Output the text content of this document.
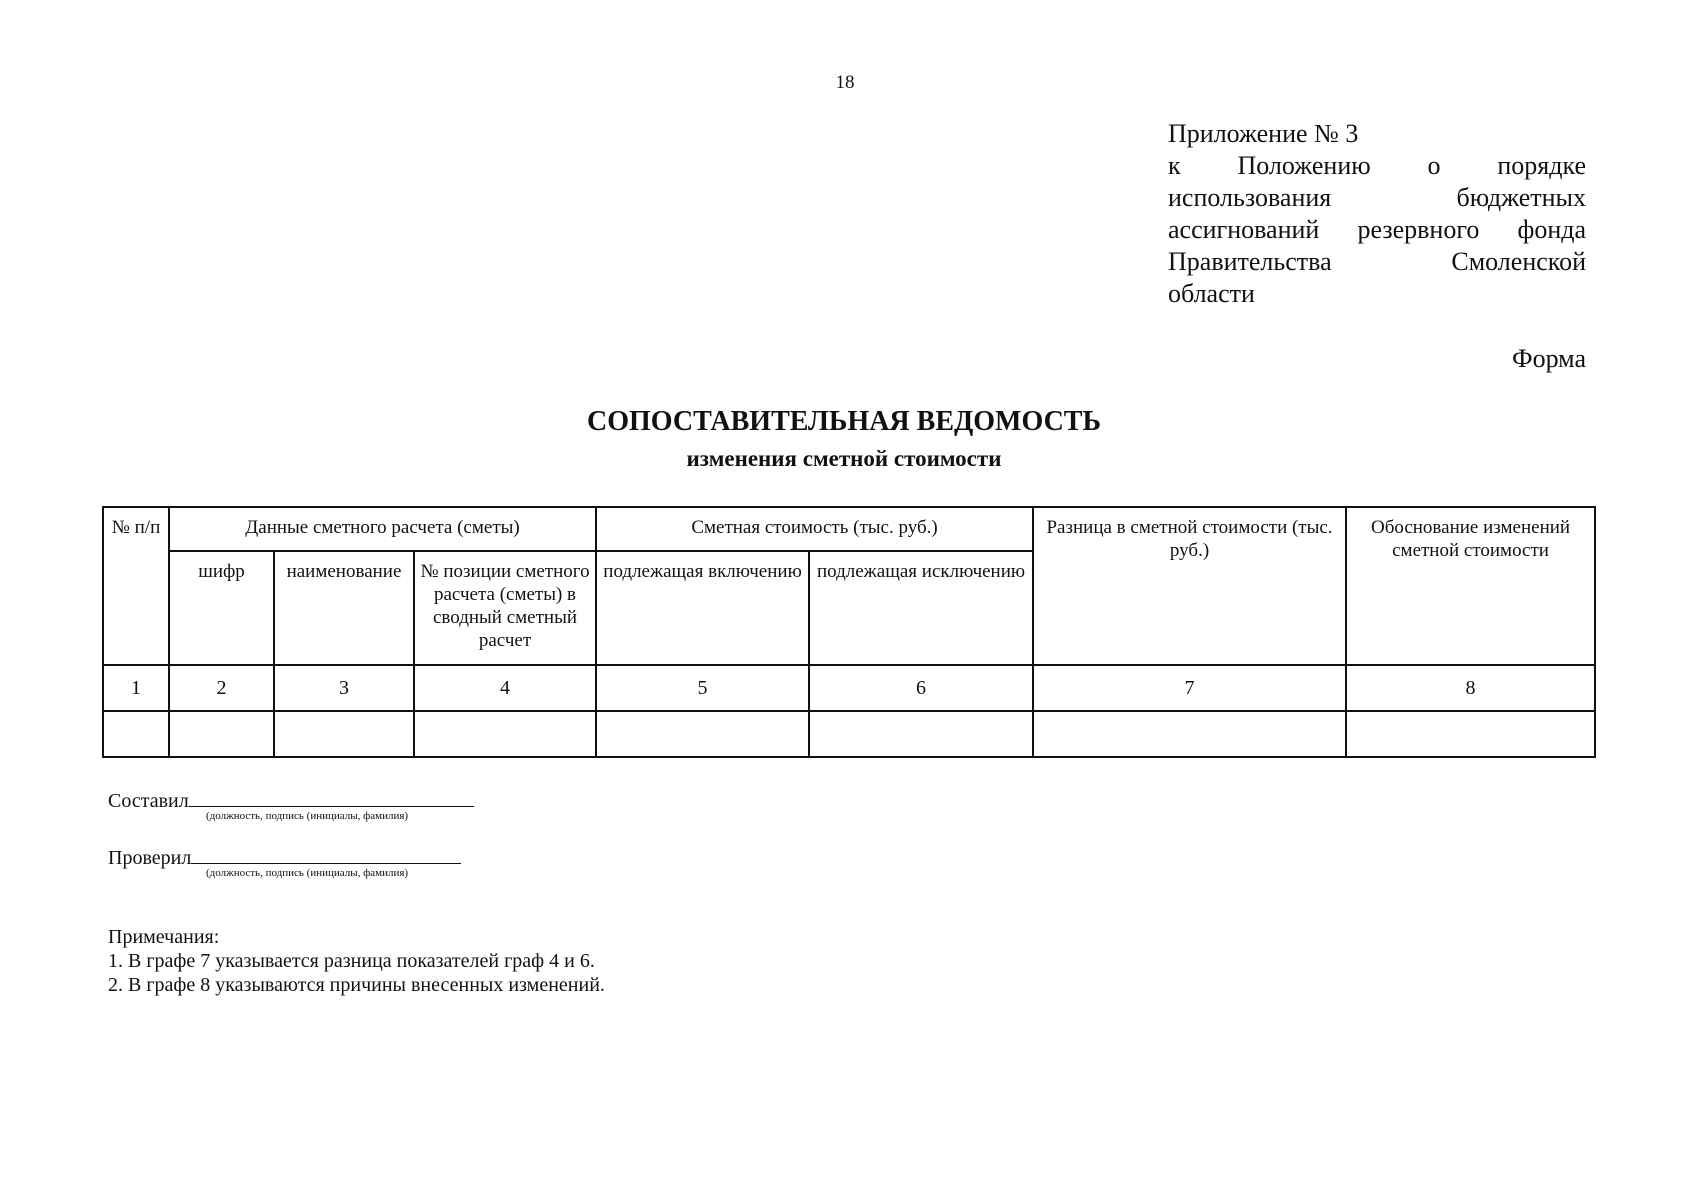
18
Приложение № 3
к Положению о порядке
использования бюджетных
ассигнований резервного фонда
Правительства Смоленской
области
Форма
СОПОСТАВИТЕЛЬНАЯ ВЕДОМОСТЬ
изменения сметной стоимости
№ п/п	Данные сметного расчета (сметы)			Сметная стоимость (тыс. руб.)		Разница в сметной стоимости (тыс. руб.)	Обоснование изменений сметной стоимости
	шифр	наименование	№ позиции сметного расчета (сметы) в сводный сметный расчет	подлежащая включению	подлежащая исключению		
1	2	3	4	5	6	7	8

Составил
(должность, подпись (инициалы, фамилия)
Проверил
(должность, подпись (инициалы, фамилия)
Примечания:
1. В графе 7 указывается разница показателей граф 4 и 6.
2. В графе 8 указываются причины внесенных изменений.
